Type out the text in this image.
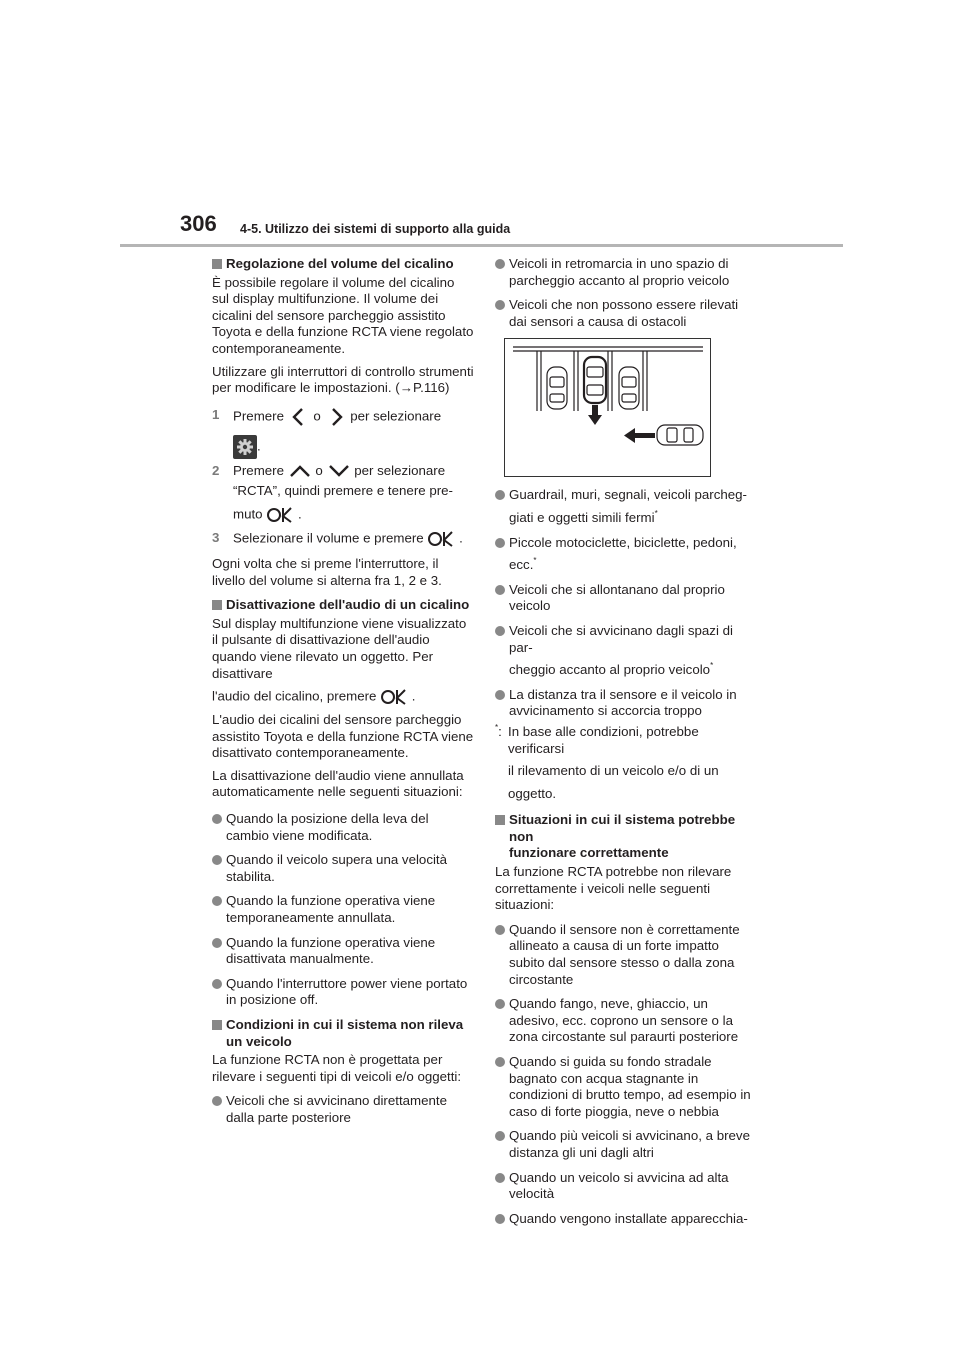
306 4-5. Utilizzo dei sistemi di supporto alla guida

Regolazione del volume del cicalino

È possibile regolare il volume del cicalino sul display multifunzione. Il volume dei cicalini del sensore parcheggio assistito Toyota e della funzione RCTA viene regolato contemporaneamente.

Utilizzare gli interruttori di controllo strumenti per modificare le impostazioni. (→P.116)

1 Premere o per selezionare
.
2 Premere o per selezionare
“RCTA”, quindi premere e tenere pre-
muto  .
3 Selezionare il volume e premere  .

Ogni volta che si preme l'interruttore, il livello del volume si alterna fra 1, 2 e 3.

Disattivazione dell'audio di un cicalino

Sul display multifunzione viene visualizzato il pulsante di disattivazione dell'audio quando viene rilevato un oggetto. Per disattivare

l'audio del cicalino, premere  .

L'audio dei cicalini del sensore parcheggio assistito Toyota e della funzione RCTA viene disattivato contemporaneamente.

La disattivazione dell'audio viene annullata automaticamente nelle seguenti situazioni:

Quando la posizione della leva del cambio viene modificata.
Quando il veicolo supera una velocità stabilita.
Quando la funzione operativa viene temporaneamente annullata.
Quando la funzione operativa viene disattivata manualmente.
Quando l'interruttore power viene portato in posizione off.

Condizioni in cui il sistema non rileva
un veicolo

La funzione RCTA non è progettata per rilevare i seguenti tipi di veicoli e/o oggetti:

Veicoli che si avvicinano direttamente dalla parte posteriore
Veicoli in retromarcia in uno spazio di parcheggio accanto al proprio veicolo
Veicoli che non possono essere rilevati dai sensori a causa di ostacoli
Guardrail, muri, segnali, veicoli parcheg-
giati e oggetti simili fermi*
Piccole motociclette, biciclette, pedoni,
ecc.*
Veicoli che si allontanano dal proprio veicolo
Veicoli che si avvicinano dagli spazi di par-
cheggio accanto al proprio veicolo*
La distanza tra il sensore e il veicolo in avvicinamento si accorcia troppo
*: In base alle condizioni, potrebbe verificarsi
il rilevamento di un veicolo e/o di un
oggetto.

Situazioni in cui il sistema potrebbe non
funzionare correttamente

La funzione RCTA potrebbe non rilevare correttamente i veicoli nelle seguenti situazioni:

Quando il sensore non è correttamente allineato a causa di un forte impatto subito dal sensore stesso o dalla zona circostante
Quando fango, neve, ghiaccio, un adesivo, ecc. coprono un sensore o la zona circostante sul paraurti posteriore
Quando si guida su fondo stradale bagnato con acqua stagnante in condizioni di brutto tempo, ad esempio in caso di forte pioggia, neve o nebbia
Quando più veicoli si avvicinano, a breve distanza gli uni dagli altri
Quando un veicolo si avvicina ad alta velocità
Quando vengono installate apparecchia-
